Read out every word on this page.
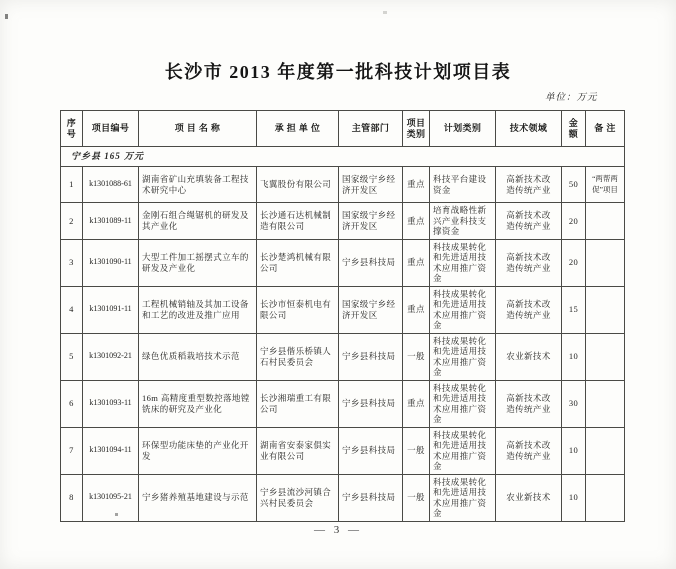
长沙市 2013 年度第一批科技计划项目表
单位：万元
序号	项目编号	项 目 名 称	承 担 单 位	主管部门	项目类别	计划类别	技术领域	金额	备 注
宁乡县 165 万元									
1	k1301088-61	湖南省矿山充填装备工程技术研究中心	飞翼股份有限公司	国家级宁乡经济开发区	重点	科技平台建设资金	高新技术改造传统产业	50	“两帮两促”项目
2	k1301089-11	金刚石组合绳锯机的研发及其产业化	长沙通石达机械制造有限公司	国家级宁乡经济开发区	重点	培育战略性新兴产业科技支撑资金	高新技术改造传统产业	20	
3	k1301090-11	大型工件加工摇摆式立车的研发及产业化	长沙楚鸿机械有限公司	宁乡县科技局	重点	科技成果转化和先进适用技术应用推广资金	高新技术改造传统产业	20	
4	k1301091-11	工程机械销轴及其加工设备和工艺的改进及推广应用	长沙市恒泰机电有限公司	国家级宁乡经济开发区	重点	科技成果转化和先进适用技术应用推广资金	高新技术改造传统产业	15	
5	k1301092-21	绿色优质稻栽培技术示范	宁乡县偕乐桥镇人石村民委员会	宁乡县科技局	一般	科技成果转化和先进适用技术应用推广资金	农业新技术	10	
6	k1301093-11	16m 高精度重型数控落地镗铣床的研究及产业化	长沙湘瑞重工有限公司	宁乡县科技局	重点	科技成果转化和先进适用技术应用推广资金	高新技术改造传统产业	30	
7	k1301094-11	环保型功能床垫的产业化开发	湖南省安泰家俱实业有限公司	宁乡县科技局	一般	科技成果转化和先进适用技术应用推广资金	高新技术改造传统产业	10	
8	k1301095-21	宁乡猪养殖基地建设与示范	宁乡县流沙河镇合兴村民委员会	宁乡县科技局	一般	科技成果转化和先进适用技术应用推广资金	农业新技术	10	
— 3 —
